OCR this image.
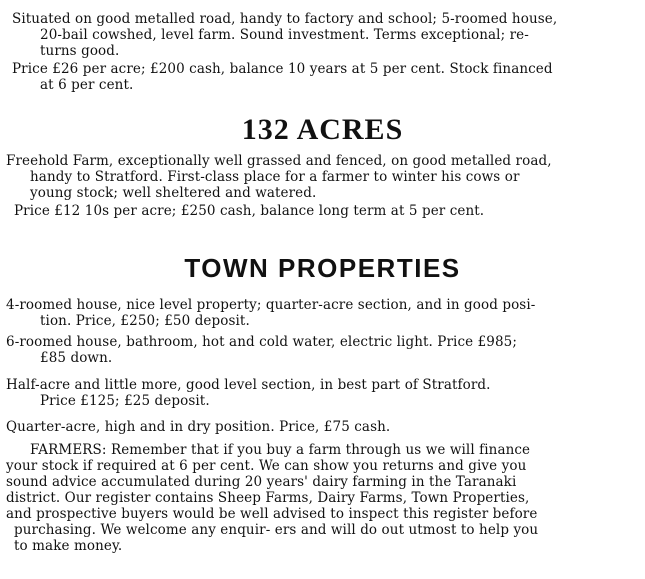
Situated on good metalled road, handy to factory and school; 5-roomed house,
20-bail cowshed, level farm. Sound investment. Terms exceptional; re-
turns good.
Price £26 per acre; £200 cash, balance 10 years at 5 per cent. Stock financed
at 6 per cent.
132 ACRES
Freehold Farm, exceptionally well grassed and fenced, on good metalled road,
handy to Stratford. First-class place for a farmer to winter his cows or
young stock; well sheltered and watered.
Price £12 10s per acre; £250 cash, balance long term at 5 per cent.
TOWN PROPERTIES
4-roomed house, nice level property; quarter-acre section, and in good posi-
tion. Price, £250; £50 deposit.
6-roomed house, bathroom, hot and cold water, electric light. Price £985;
£85 down.
Half-acre and little more, good level section, in best part of Stratford.
Price £125; £25 deposit.
Quarter-acre, high and in dry position. Price, £75 cash.
FARMERS: Remember that if you buy a farm through us we will finance
your stock if required at 6 per cent. We can show you returns and give you
sound advice accumulated during 20 years' dairy farming in the Taranaki
district. Our register contains Sheep Farms, Dairy Farms, Town Properties,
and prospective buyers would be well advised to inspect this register before
purchasing. We welcome any enquir- ers and will do out utmost to help you
to make money.
